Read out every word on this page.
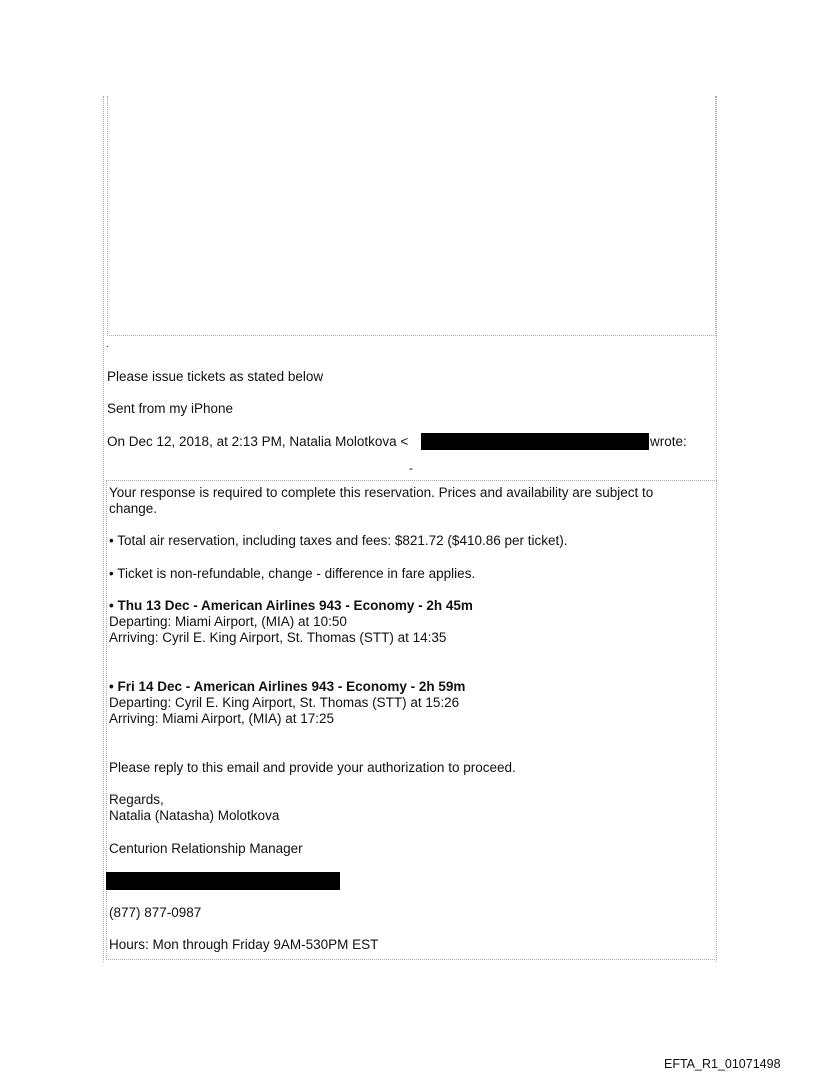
.
Please issue tickets as stated below
Sent from my iPhone
On Dec 12, 2018, at 2:13 PM, Natalia Molotkova <	wrote:
-
Your response is required to complete this reservation. Prices and availability are subject to
change.
• Total air reservation, including taxes and fees: $821.72 ($410.86 per ticket).
• Ticket is non-refundable, change - difference in fare applies.
• Thu 13 Dec - American Airlines 943 - Economy - 2h 45m
Departing: Miami Airport, (MIA) at 10:50
Arriving: Cyril E. King Airport, St. Thomas (STT) at 14:35
• Fri 14 Dec - American Airlines 943 - Economy - 2h 59m
Departing: Cyril E. King Airport, St. Thomas (STT) at 15:26
Arriving: Miami Airport, (MIA) at 17:25
Please reply to this email and provide your authorization to proceed.
Regards,
Natalia (Natasha) Molotkova
Centurion Relationship Manager
(877) 877-0987
Hours: Mon through Friday 9AM-530PM EST
EFTA_R1_01071498
